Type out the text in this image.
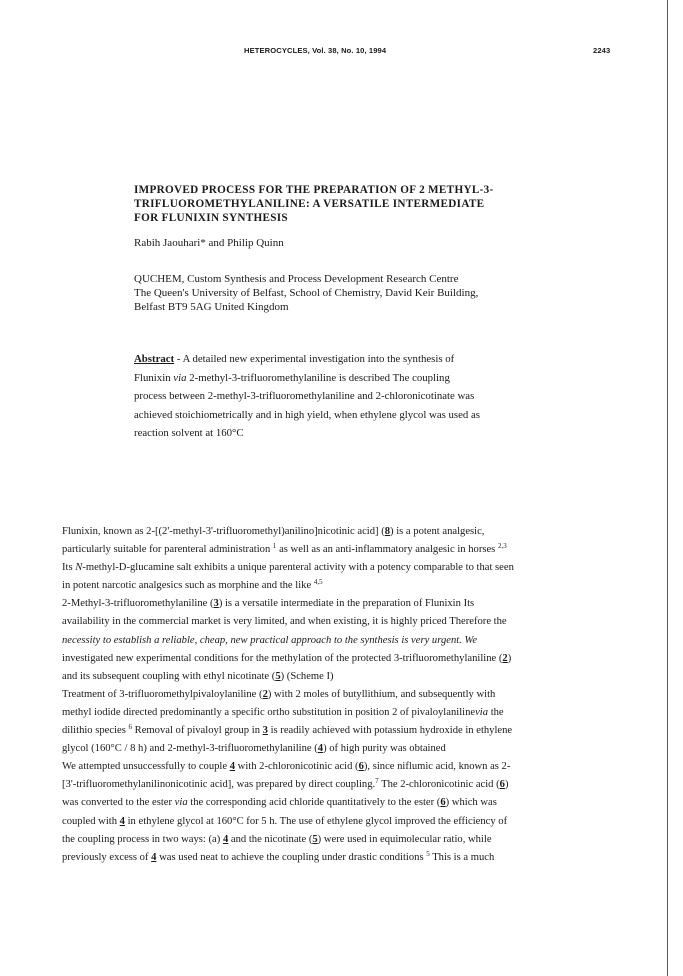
HETEROCYCLES, Vol. 38, No. 10, 1994	2243
IMPROVED PROCESS FOR THE PREPARATION OF 2 METHYL-3-
TRIFLUOROMETHYLANILINE: A VERSATILE INTERMEDIATE
FOR FLUNIXIN SYNTHESIS
Rabih Jaouhari* and Philip Quinn
QUCHEM, Custom Synthesis and Process Development Research Centre
The Queen's University of Belfast, School of Chemistry, David Keir Building,
Belfast BT9 5AG United Kingdom
Abstract - A detailed new experimental investigation into the synthesis of
Flunixin via 2-methyl-3-trifluoromethylaniline is described The coupling
process between 2-methyl-3-trifluoromethylaniline and 2-chloronicotinate was
achieved stoichiometrically and in high yield, when ethylene glycol was used as
reaction solvent at 160°C
Flunixin, known as 2-[(2'-methyl-3'-trifluoromethyl)anilino]nicotinic acid] (8) is a potent analgesic,
particularly suitable for parenteral administration $^1$ as well as an anti-inflammatory analgesic in horses $^{2,3}$
Its N-methyl-D-glucamine salt exhibits a unique parenteral activity with a potency comparable to that seen
in potent narcotic analgesics such as morphine and the like $^{4,5}$
2-Methyl-3-trifluoromethylaniline (3) is a versatile intermediate in the preparation of Flunixin Its
availability in the commercial market is very limited, and when existing, it is highly priced Therefore the
necessity to establish a reliable, cheap, new practical approach to the synthesis is very urgent. We
investigated new experimental conditions for the methylation of the protected 3-trifluoromethylaniline (2)
and its subsequent coupling with ethyl nicotinate (5) (Scheme I)
Treatment of 3-trifluoromethylpivaloylaniline (2) with 2 moles of butyllithium, and subsequently with
methyl iodide directed predominantly a specific ortho substitution in position 2 of pivaloylanilinevia the
dilithio species $^6$ Removal of pivaloyl group in 3 is readily achieved with potassium hydroxide in ethylene
glycol (160°C / 8 h) and 2-methyl-3-trifluoromethylaniline (4) of high purity was obtained
We attempted unsuccessfully to couple 4 with 2-chloronicotinic acid (6), since niflumic acid, known as 2-
[3'-trifluoromethylanilinonicotinic acid], was prepared by direct coupling.$^7$ The 2-chloronicotinic acid (6)
was converted to the ester via the corresponding acid chloride quantitatively to the ester (6) which was
coupled with 4 in ethylene glycol at 160°C for 5 h. The use of ethylene glycol improved the efficiency of
the coupling process in two ways: (a) 4 and the nicotinate (5) were used in equimolecular ratio, while
previously excess of 4 was used neat to achieve the coupling under drastic conditions $^5$ This is a much
